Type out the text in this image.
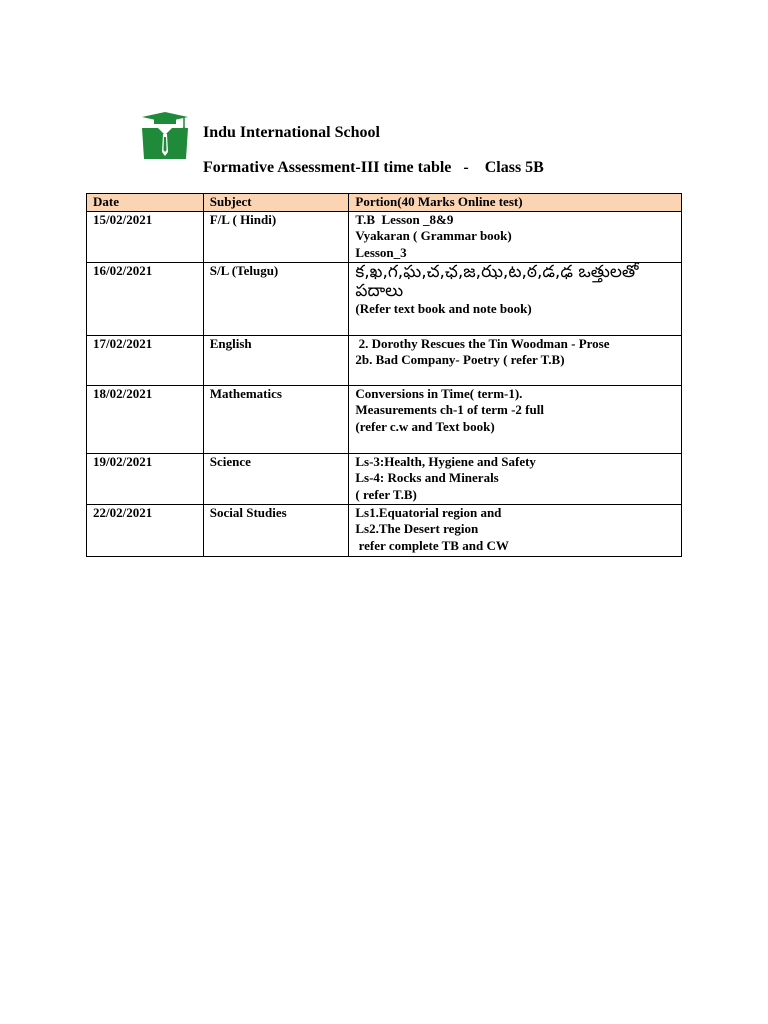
Indu International School
Formative Assessment-III time table   -    Class 5B
Date	Subject	Portion(40 Marks Online test)
15/02/2021	F/L ( Hindi)	T.B  Lesson _8&9
Vyakaran ( Grammar book)
Lesson_3

16/02/2021	S/L (Telugu)	క,ఖ,గ,ఘ,చ,ఛ,జ,ఝ,ట,ఠ,డ,ఢ ఒత్తులతో పదాలు
(Refer text book and note book)

17/02/2021	English	2. Dorothy Rescues the Tin Woodman - Prose
2b. Bad Company- Poetry ( refer T.B)

18/02/2021	Mathematics	Conversions in Time( term-1).
Measurements ch-1 of term -2 full
(refer c.w and Text book)

19/02/2021	Science	Ls-3:Health, Hygiene and Safety
Ls-4: Rocks and Minerals
( refer T.B)

22/02/2021	Social Studies	Ls1.Equatorial region and
Ls2.The Desert region
refer complete TB and CW
